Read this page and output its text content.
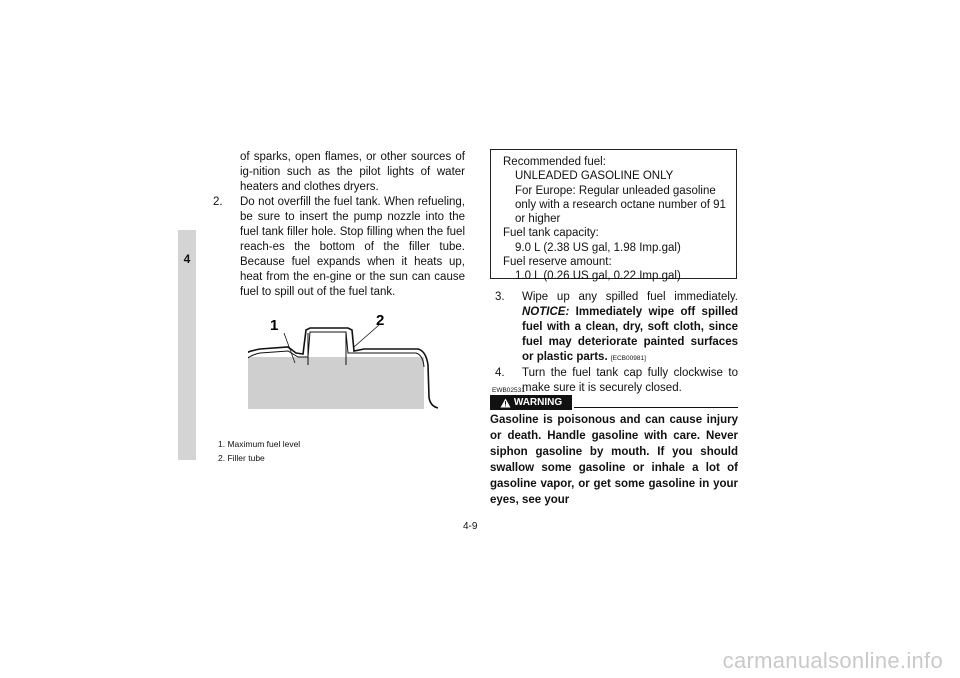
4
of sparks, open flames, or other sources of ig-nition such as the pilot lights of water heaters and clothes dryers.
2.	Do not overfill the fuel tank. When refueling, be sure to insert the pump nozzle into the fuel tank filler hole. Stop filling when the fuel reach-es the bottom of the filler tube. Because fuel expands when it heats up, heat from the en-gine or the sun can cause fuel to spill out of the fuel tank.
1	2
1. Maximum fuel level
2. Filler tube
Recommended fuel:
UNLEADED GASOLINE ONLY
For Europe: Regular unleaded gasoline only with a research octane number of 91 or higher
Fuel tank capacity:
9.0 L (2.38 US gal, 1.98 Imp.gal)
Fuel reserve amount:
1.0 L (0.26 US gal, 0.22 Imp.gal)
3.	Wipe up any spilled fuel immediately. NOTICE: Immediately wipe off spilled fuel with a clean, dry, soft cloth, since fuel may deteriorate painted surfaces or plastic parts. [ECB00981]
4.	Turn the fuel tank cap fully clockwise to make sure it is securely closed.
EWB02531
WARNING
Gasoline is poisonous and can cause injury or death. Handle gasoline with care. Never siphon gasoline by mouth. If you should swallow some gasoline or inhale a lot of gasoline vapor, or get some gasoline in your eyes, see your
4-9
carmanualsonline.info
